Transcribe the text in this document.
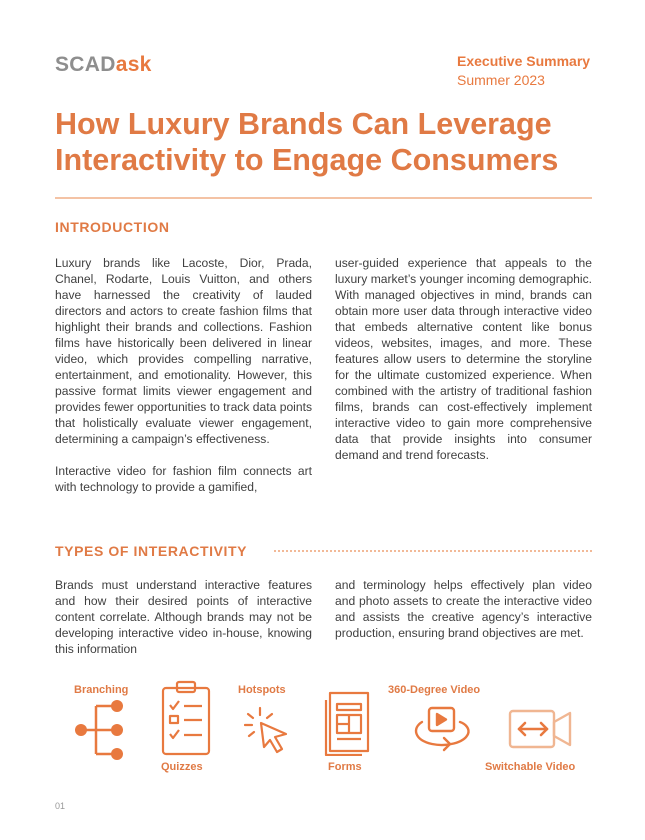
SCADask	Executive Summary
Summer 2023
How Luxury Brands Can Leverage Interactivity to Engage Consumers
INTRODUCTION

Luxury brands like Lacoste, Dior, Prada, Chanel, Rodarte, Louis Vuitton, and others have harnessed the creativity of lauded directors and actors to create fashion films that highlight their brands and collections. Fashion films have historically been delivered in linear video, which provides compelling narrative, entertainment, and emotionality. However, this passive format limits viewer engagement and provides fewer opportunities to track data points that holistically evaluate viewer engagement, determining a campaign’s effectiveness.

Interactive video for fashion film connects art with technology to provide a gamified,

user-guided experience that appeals to the luxury market’s younger incoming demographic. With managed objectives in mind, brands can obtain more user data through interactive video that embeds alternative content like bonus videos, websites, images, and more. These features allow users to determine the storyline for the ultimate customized experience. When combined with the artistry of traditional fashion films, brands can cost-effectively implement interactive video to gain more comprehensive data that provide insights into consumer demand and trend forecasts.

TYPES OF INTERACTIVITY
Brands must understand interactive features and how their desired points of interactive content correlate. Although brands may not be developing interactive video in-house, knowing this information
and terminology helps effectively plan video and photo assets to create the interactive video and assists the creative agency’s interactive production, ensuring brand objectives are met.
Branching
Quizzes
Hotspots
Forms
360-Degree Video
Switchable Video
01
